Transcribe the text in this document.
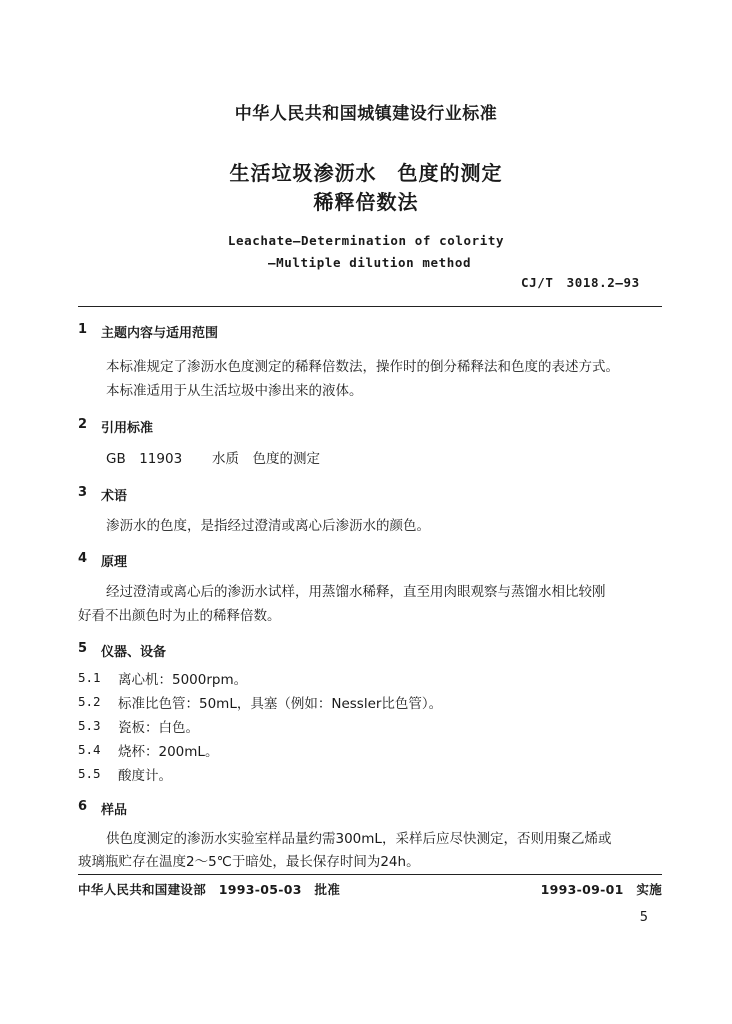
中华人民共和国城镇建设行业标准
生活垃圾渗沥水　色度的测定
稀释倍数法
Leachate—Determination of colority
—Multiple dilution method
CJ/T　3018.2—93
1 主题内容与适用范围
本标准规定了渗沥水色度测定的稀释倍数法，操作时的倒分稀释法和色度的表述方式。
本标准适用于从生活垃圾中渗出来的液体。
2 引用标准
GB　11903 水质　色度的测定
3 术语
渗沥水的色度，是指经过澄清或离心后渗沥水的颜色。
4 原理
经过澄清或离心后的渗沥水试样，用蒸馏水稀释，直至用肉眼观察与蒸馏水相比较刚
好看不出颜色时为止的稀释倍数。
5 仪器、设备
5.1 离心机：5000rpm。
5.2 标准比色管：50mL，具塞（例如：Nessler比色管）。
5.3 瓷板：白色。
5.4 烧杯：200mL。
5.5 酸度计。
6 样品
供色度测定的渗沥水实验室样品量约需300mL，采样后应尽快测定，否则用聚乙烯或
玻璃瓶贮存在温度2～5℃于暗处，最长保存时间为24h。
中华人民共和国建设部　1993-05-03　批准	1993-09-01　实施
5
